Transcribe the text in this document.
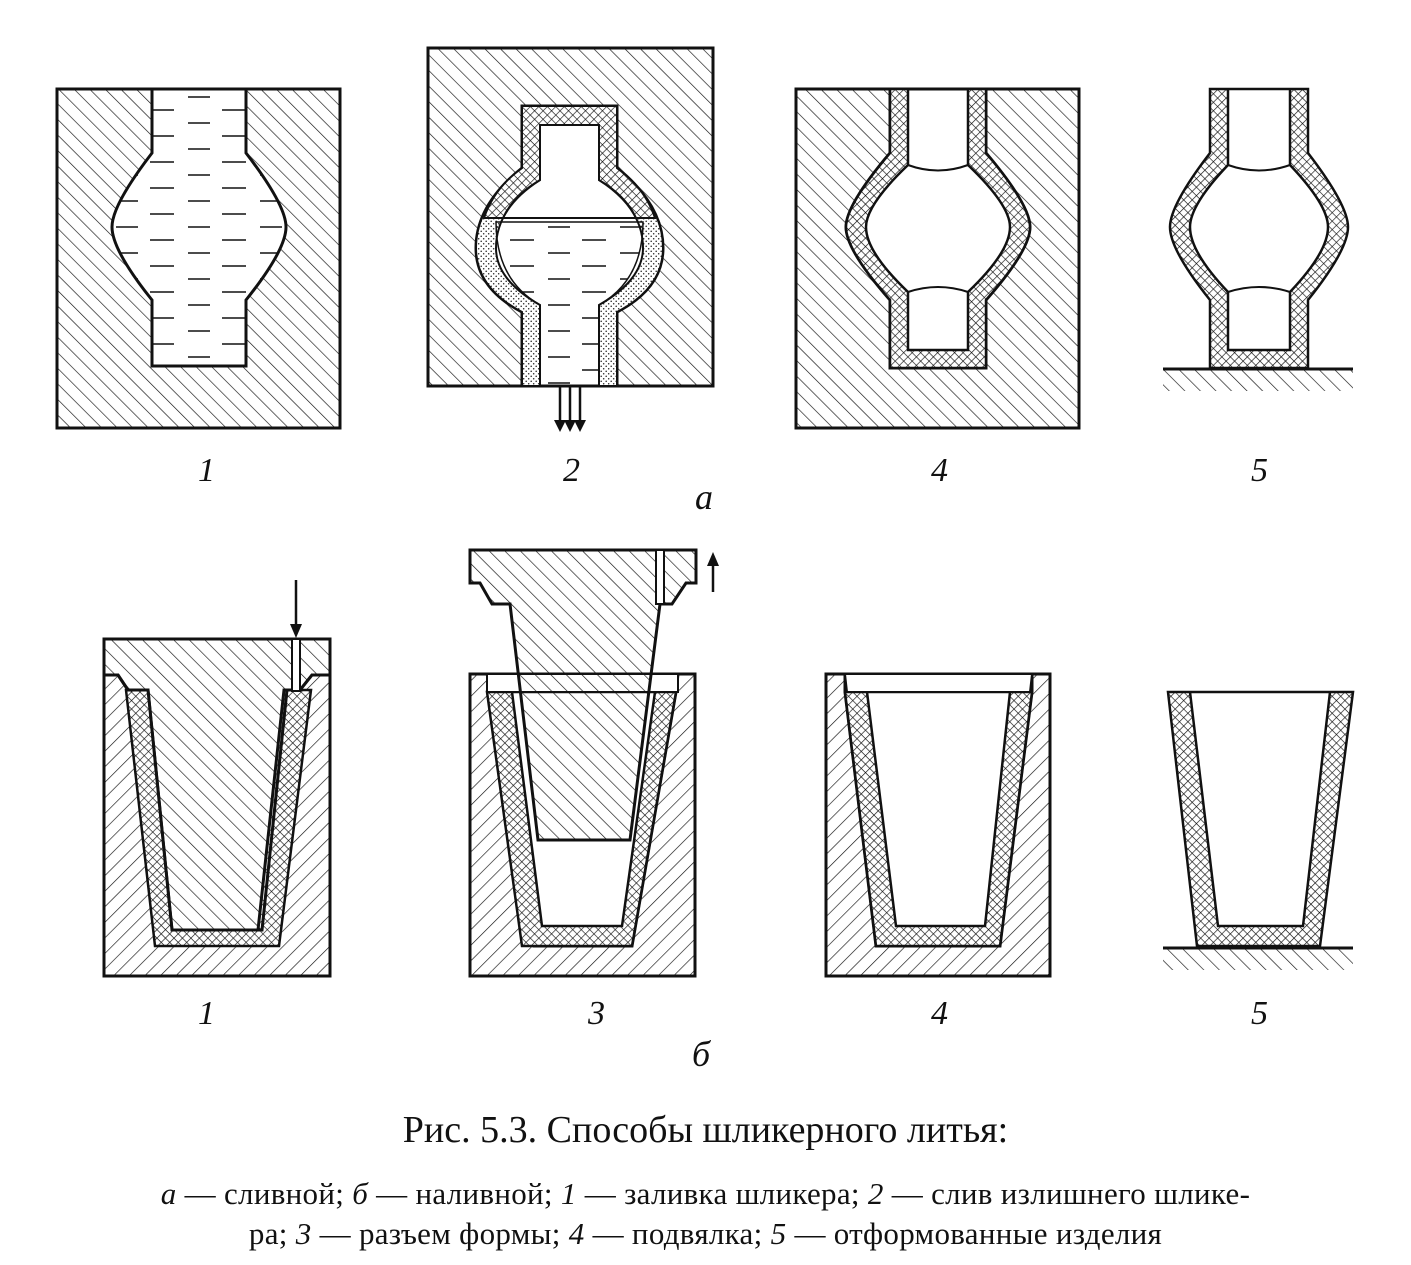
1	2	4	5
а
1	3	4	5
б
Рис. 5.3. Способы шликерного литья:
а — сливной; б — наливной; 1 — заливка шликера; 2 — слив излишнего шлике-
ра; 3 — разъем формы; 4 — подвялка; 5 — отформованные изделия
